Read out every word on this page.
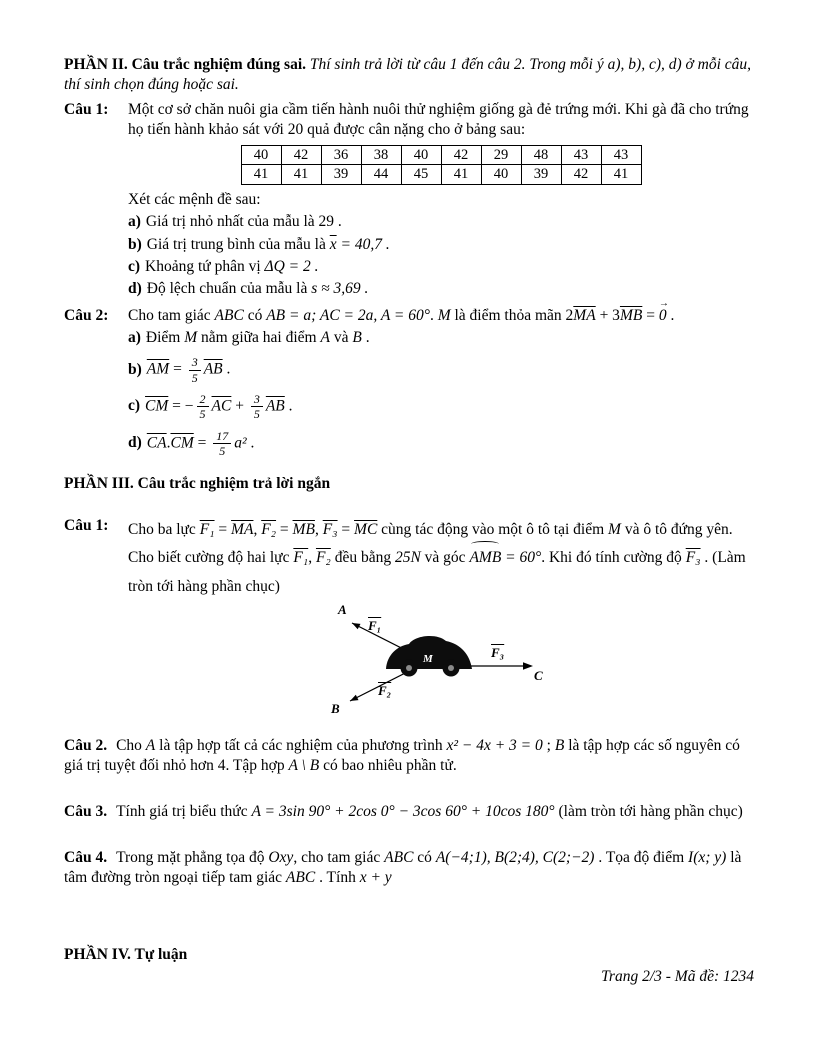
PHẦN II. Câu trắc nghiệm đúng sai. Thí sinh trả lời từ câu 1 đến câu 2. Trong mỗi ý a), b), c), d) ở mỗi câu, thí sinh chọn đúng hoặc sai.

Câu 1:	Một cơ sở chăn nuôi gia cầm tiến hành nuôi thử nghiệm giống gà đẻ trứng mới. Khi gà đã cho trứng họ tiến hành khảo sát với 20 quả được cân nặng cho ở bảng sau:

40	42	36	38	40	42	29	48	43	43
41	41	39	44	45	41	40	39	42	41

Xét các mệnh đề sau:

a) Giá trị nhỏ nhất của mẫu là 29 .

b) Giá trị trung bình của mẫu là $\overline{x} = 40,7$ .

c) Khoảng tứ phân vị ΔQ = 2 .

d) Độ lệch chuẩn của mẫu là s ≈ 3,69 .

Câu 2:	Cho tam giác ABC có AB = a; AC = 2a, A = 60°. M là điểm thỏa mãn $2\overline{MA} + 3\overline{MB}$ = → 0 .

a) Điểm M nằm giữa hai điểm A và B .

b) $\overline{AM} = \frac{3}{5} \overline{AB}$ .

c) $\overline{CM}$ = − $\frac{2}{5} \overline{AC} + \frac{3}{5} \overline{AB}$ .

d) $\overline{CA}.\overline{CM} = \frac{17}{5} a^2$ .

PHẦN III. Câu trắc nghiệm trả lời ngắn

Câu 1:	Cho ba lực $F_1 = \overline{MA}$, $F_2 = \overline{MB}$, $F_3 = \overline{MC}$ cùng tác động vào một ô tô tại điểm M và ô tô đứng yên. Cho biết cường độ hai lực F₁, F₂ đều bằng 25N và góc AMB = 60°. Khi đó tính cường độ F₃ . (Làm tròn tới hàng phần chục)

A
F₁
B
F₂
F₃
C
M

Câu 2. Cho A là tập hợp tất cả các nghiệm của phương trình x² − 4x + 3 = 0 ; B là tập hợp các số nguyên có giá trị tuyệt đối nhỏ hơn 4. Tập hợp A \ B có bao nhiêu phần tử.

Câu 3. Tính giá trị biểu thức A = 3sin 90° + 2cos 0° − 3cos 60° + 10cos 180° (làm tròn tới hàng phần chục)

Câu 4. Trong mặt phẳng tọa độ Oxy, cho tam giác ABC có A(−4;1), B(2;4), C(2;−2) . Tọa độ điểm I(x; y) là tâm đường tròn ngoại tiếp tam giác ABC . Tính x + y

PHẦN IV. Tự luận

Trang 2/3 - Mã đề: 1234
